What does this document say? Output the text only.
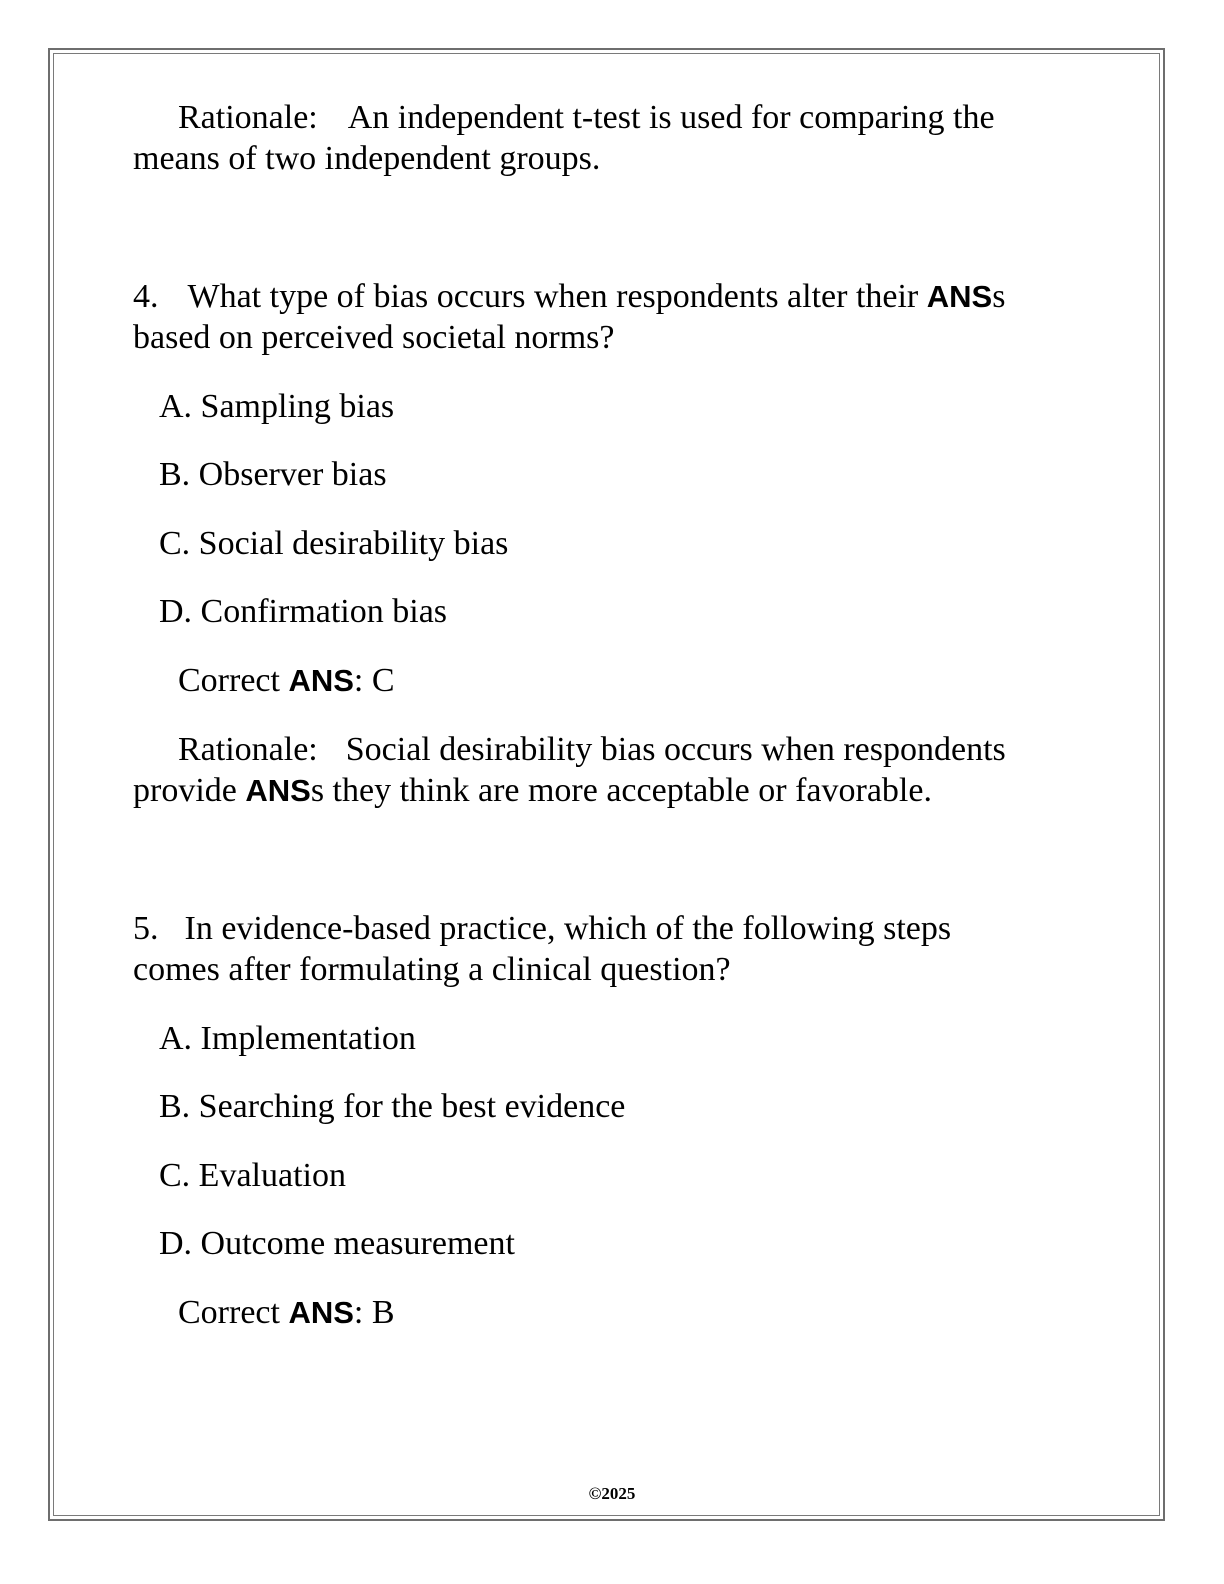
Rationale: An independent t-test is used for comparing the
means of two independent groups.
4. What type of bias occurs when respondents alter their ANSs
based on perceived societal norms?
A. Sampling bias
B. Observer bias
C. Social desirability bias
D. Confirmation bias
Correct ANS: C
Rationale: Social desirability bias occurs when respondents
provide ANSs they think are more acceptable or favorable.
5. In evidence-based practice, which of the following steps
comes after formulating a clinical question?
A. Implementation
B. Searching for the best evidence
C. Evaluation
D. Outcome measurement
Correct ANS: B
©2025
